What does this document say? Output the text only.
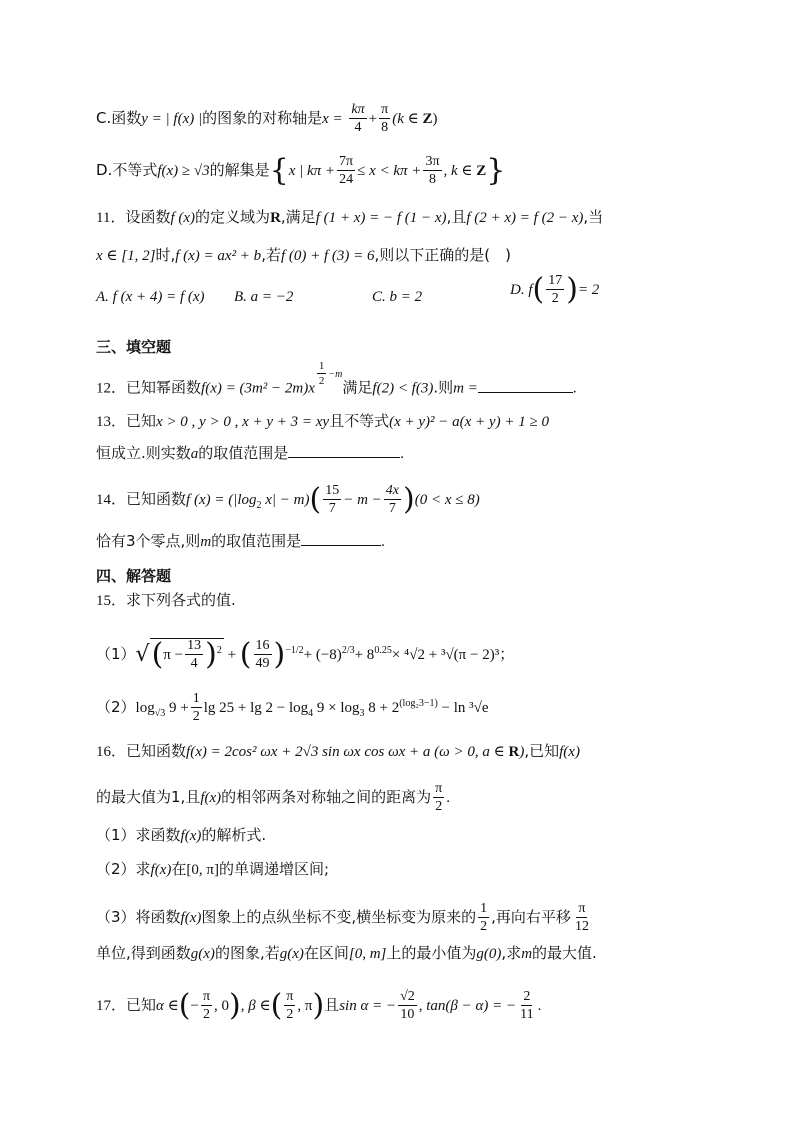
C.函数y = | f(x) |的图象的对称轴是$x = \frac{k\pi}{4} + \frac{\pi}{8} (k$ ∈ Z)
D.不等式f(x) ≥ √3的解集是{x | $k\pi + \frac{7\pi}{24} \le x < k\pi + \frac{3\pi}{8}$ , k ∈ Z}
11．设函数f (x)的定义域为R,满足f (1 + x) = − f (1 − x),且f (2 + x) = f (2 − x),当
x ∈ [1, 2]时,f (x) = ax² + b,若f (0) + f (3) = 6,则以下正确的是(　)
A. f (x + 4) = f (x) B. a = −2	C. b = 2	D. $f( \frac{17}{2}$ )= 2
三、填空题
12．已知幂函数f(x) = (3m² − 2m)x
$^{\frac{1}{2} -m}$满足f(2) < f(3).则m =	.
13．已知x > 0 , y > 0 , x + y + 3 = xy且不等式(x + y)² − a(x + y) + 1 ≥ 0
恒成立.则实数a的取值范围是	.
14．已知函数f $(x) = (|\log_2$ $x| - m)( \frac{15}{7} - m - \frac{4x}{7} )(0 < x \le 8)$
恰有3个零点,则m的取值范围是	.
四、解答题
15．求下列各式的值.
$(1)√(\pi - \frac{13}{4} )^2$ + ( $\frac{16}{49} )^{-1/2}+ (-8)^{2/3}+ 8^{0.25}\times ^4√2 + ^3√(\pi - 2)^3$；
$(2)\log_{√3}$ $9 + \frac{1}{2}$ $\lg 25 + \lg 2 - \log_4 9 \times \log_3 8 + 2^{(log_23-1)} - \ln ^3√e$
16．已知函数f(x) = 2cos² ωx + 2√3 sin ωx cos ωx + a (ω > 0, a ∈ R),已知f(x)
的最大值为1,且f(x)的相邻两条对称轴之间的距离为 $\frac{\pi}{2}$ .
（1）求函数f(x)的解析式.
（2）求f(x)在[0, π]的单调递增区间;
（3）将函数f(x)图象上的点纵坐标不变,横坐标变为原来的 $\frac{1}{2}$ ,再向右平移 $\frac{\pi}{12}$
单位,得到函数g(x)的图象,若g(x)在区间[0, m]上的最小值为g(0),求m的最大值.
17．已知α ∈(− $\frac{\pi}{2}$ , 0), β ∈( $\frac{\pi}{2}$ , π)且sin α = − $\frac{√2}{10}$ , tan(β − α) = − $\frac{2}{11}$ .
